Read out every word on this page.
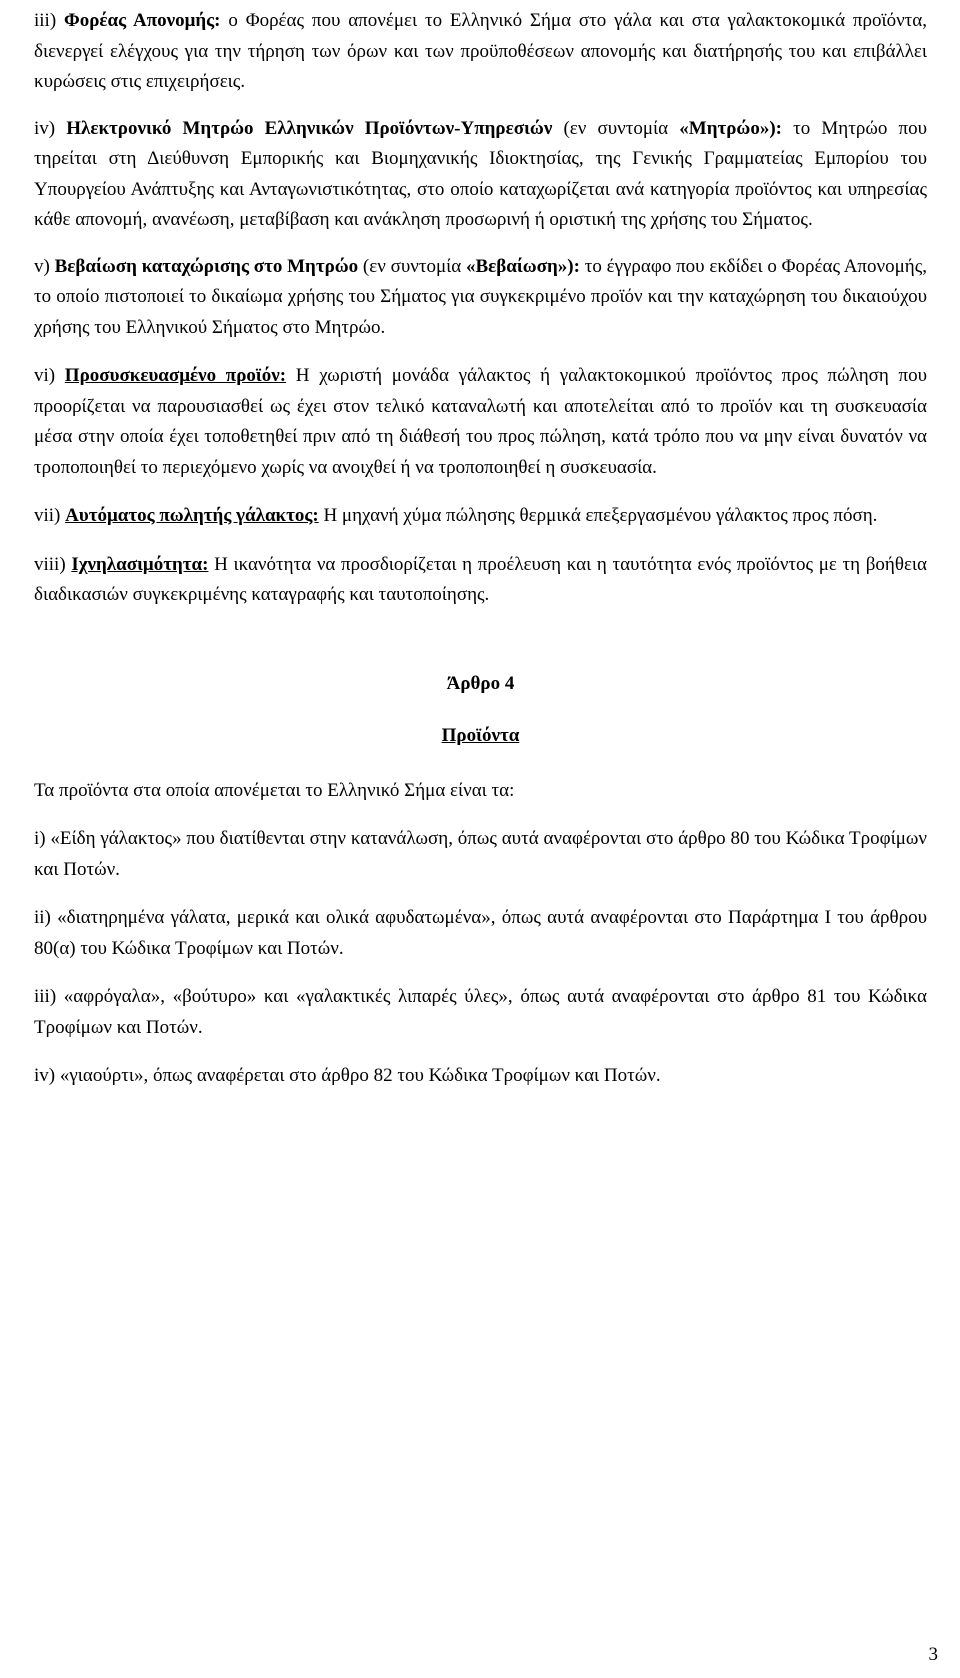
iii) Φορέας Απονομής: ο Φορέας που απονέμει το Ελληνικό Σήμα στο γάλα και στα γαλακτοκομικά προϊόντα, διενεργεί ελέγχους για την τήρηση των όρων και των προϋποθέσεων απονομής και διατήρησής του και επιβάλλει κυρώσεις στις επιχειρήσεις.

iv) Ηλεκτρονικό Μητρώο Ελληνικών Προϊόντων-Υπηρεσιών (εν συντομία «Μητρώο»): το Μητρώο που τηρείται στη Διεύθυνση Εμπορικής και Βιομηχανικής Ιδιοκτησίας, της Γενικής Γραμματείας Εμπορίου του Υπουργείου Ανάπτυξης και Ανταγωνιστικότητας, στο οποίο καταχωρίζεται ανά κατηγορία προϊόντος και υπηρεσίας κάθε απονομή, ανανέωση, μεταβίβαση και ανάκληση προσωρινή ή οριστική της χρήσης του Σήματος.

v) Βεβαίωση καταχώρισης στο Μητρώο (εν συντομία «Βεβαίωση»): το έγγραφο που εκδίδει ο Φορέας Απονομής, το οποίο πιστοποιεί το δικαίωμα χρήσης του Σήματος για συγκεκριμένο προϊόν και την καταχώρηση του δικαιούχου χρήσης του Ελληνικού Σήματος στο Μητρώο.

vi) Προσυσκευασμένο προϊόν: Η χωριστή μονάδα γάλακτος ή γαλακτοκομικού προϊόντος προς πώληση που προορίζεται να παρουσιασθεί ως έχει στον τελικό καταναλωτή και αποτελείται από το προϊόν και τη συσκευασία μέσα στην οποία έχει τοποθετηθεί πριν από τη διάθεσή του προς πώληση, κατά τρόπο που να μην είναι δυνατόν να τροποποιηθεί το περιεχόμενο χωρίς να ανοιχθεί ή να τροποποιηθεί η συσκευασία.

vii) Αυτόματος πωλητής γάλακτος: Η μηχανή χύμα πώλησης θερμικά επεξεργασμένου γάλακτος προς πόση.

viii) Ιχνηλασιμότητα: Η ικανότητα να προσδιορίζεται η προέλευση και η ταυτότητα ενός προϊόντος με τη βοήθεια διαδικασιών συγκεκριμένης καταγραφής και ταυτοποίησης.

Άρθρο 4

Προϊόντα

Τα προϊόντα στα οποία απονέμεται το Ελληνικό Σήμα είναι τα:

i) «Είδη γάλακτος» που διατίθενται στην κατανάλωση, όπως αυτά αναφέρονται στο άρθρο 80 του Κώδικα Τροφίμων και Ποτών.

ii) «διατηρημένα γάλατα, μερικά και ολικά αφυδατωμένα», όπως αυτά αναφέρονται στο Παράρτημα Ι του άρθρου 80(α) του Κώδικα Τροφίμων και Ποτών.

iii) «αφρόγαλα», «βούτυρο» και «γαλακτικές λιπαρές ύλες», όπως αυτά αναφέρονται στο άρθρο 81 του Κώδικα Τροφίμων και Ποτών.

iv) «γιαούρτι», όπως αναφέρεται στο άρθρο 82 του Κώδικα Τροφίμων και Ποτών.

3
